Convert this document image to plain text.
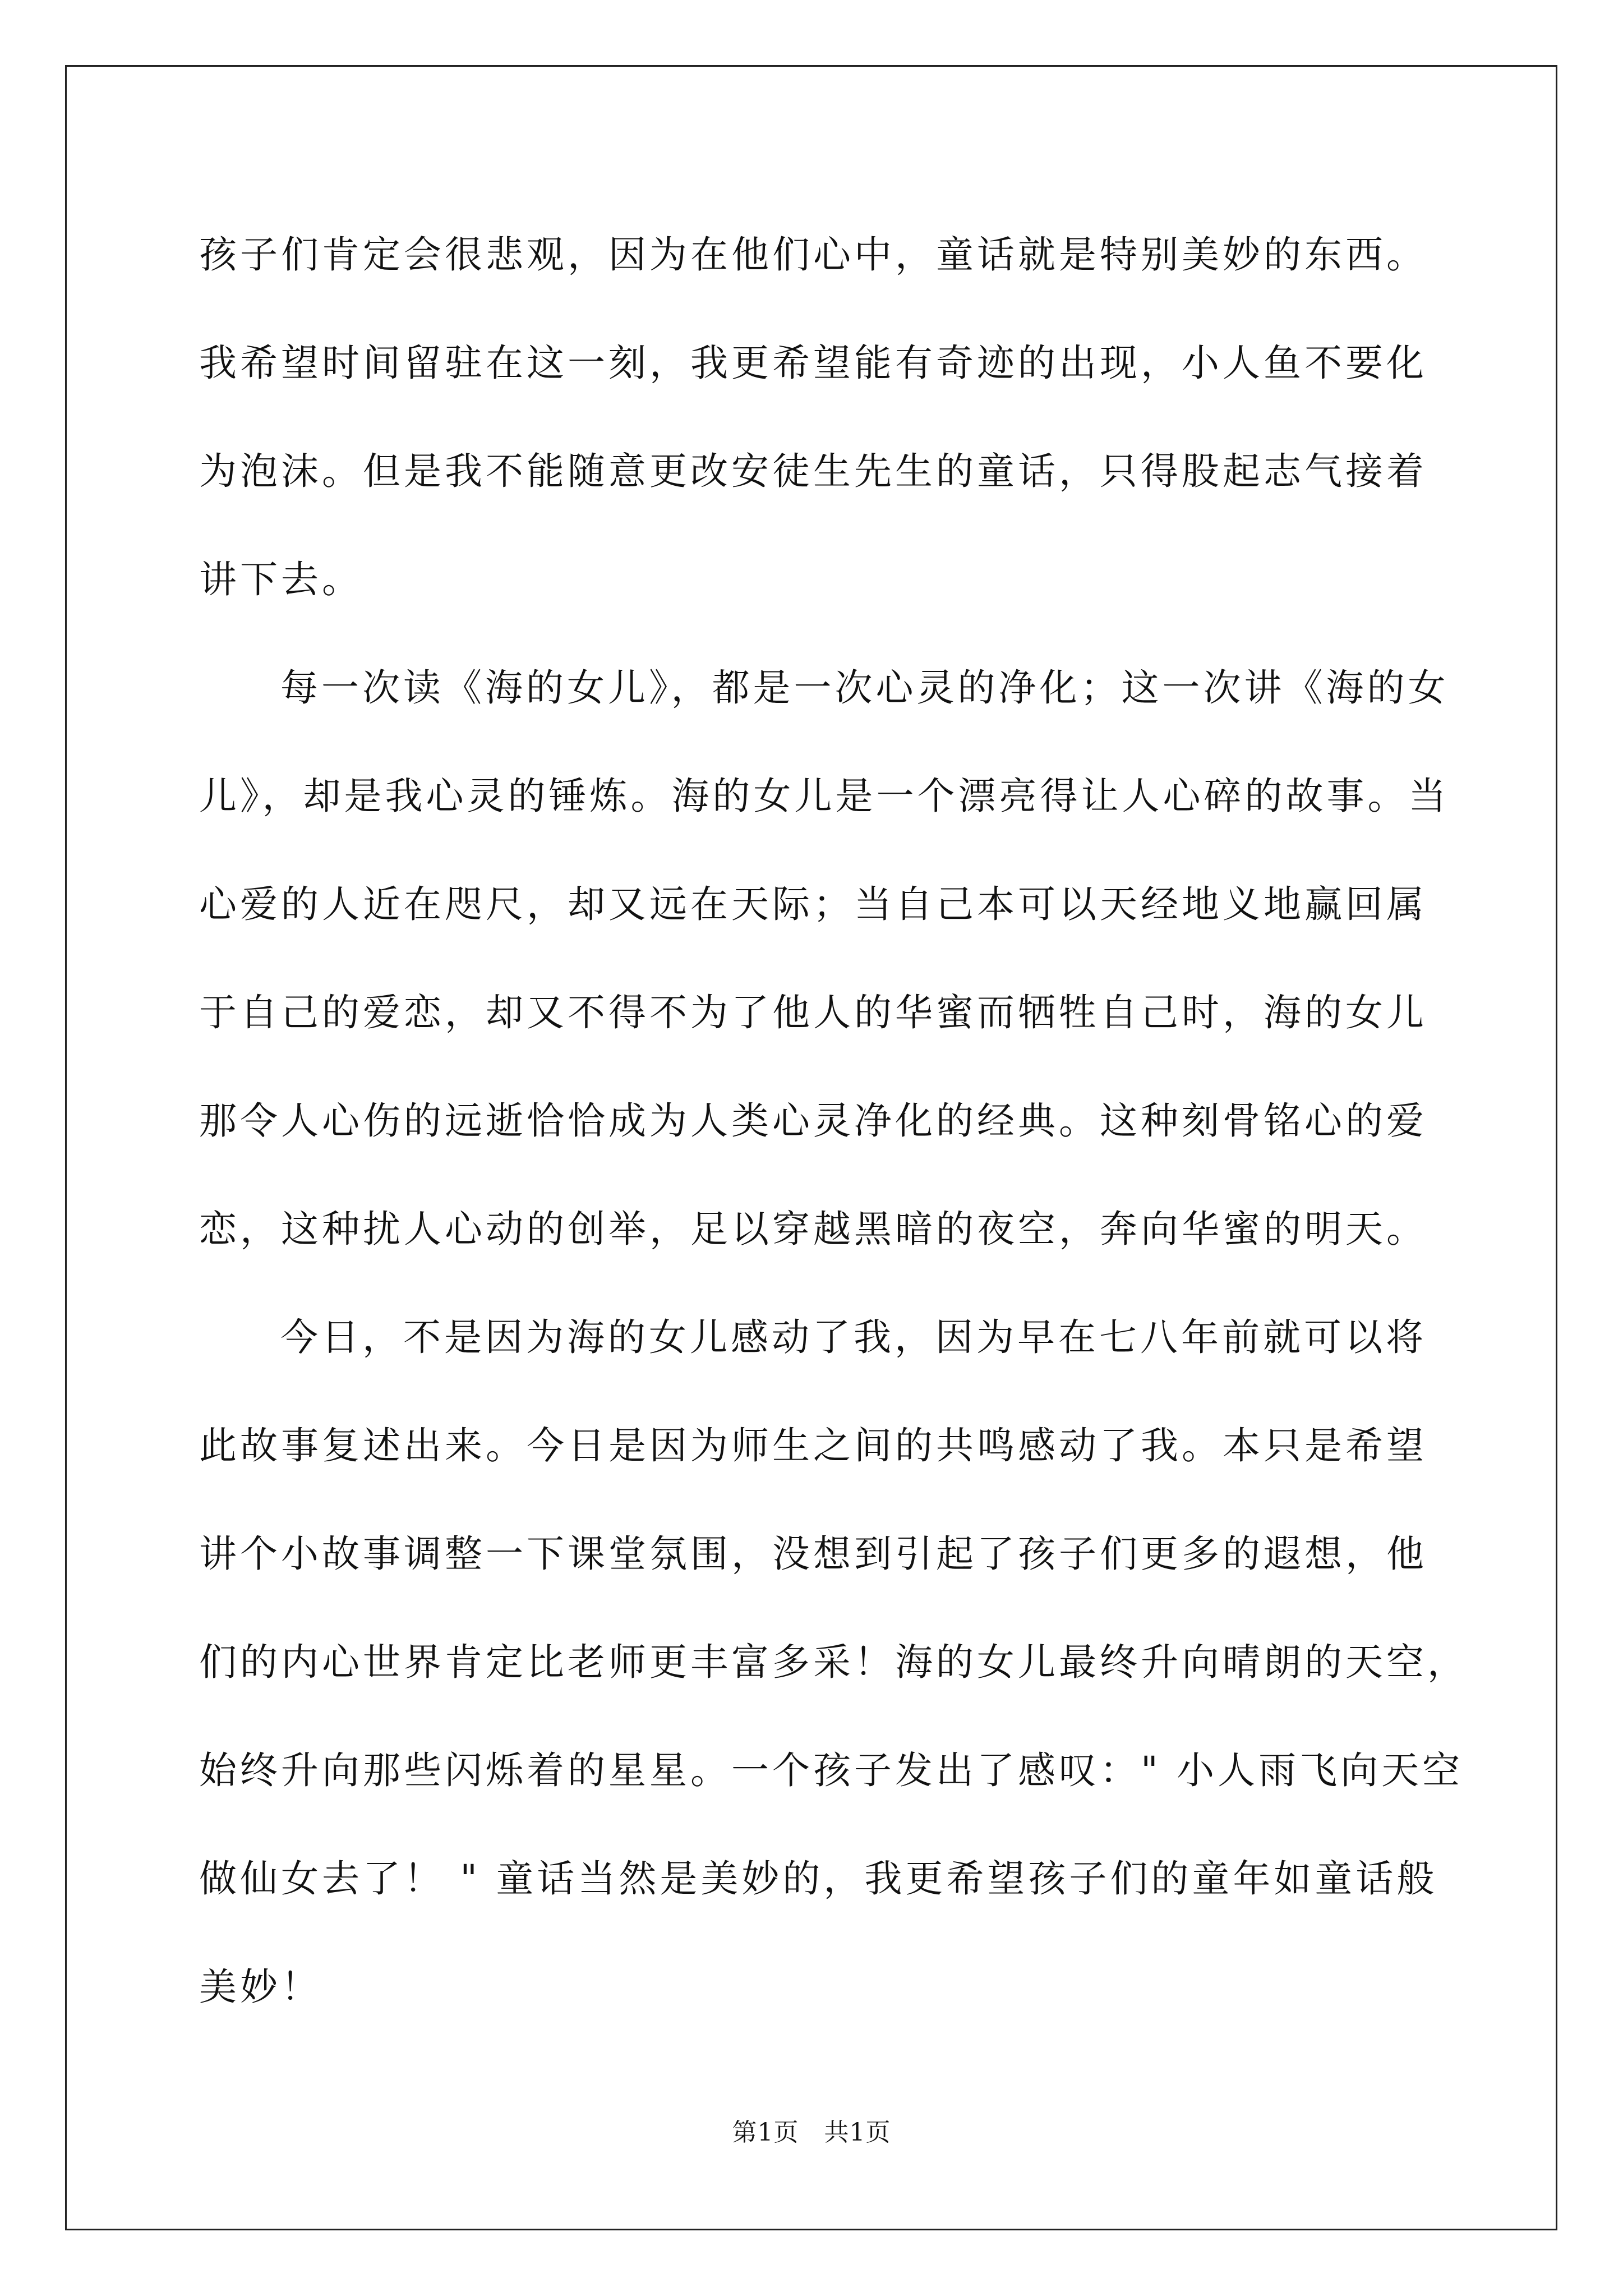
孩子们肯定会很悲观，因为在他们心中，童话就是特别美妙的东西。
我希望时间留驻在这一刻，我更希望能有奇迹的出现，小人鱼不要化
为泡沫。但是我不能随意更改安徒生先生的童话，只得股起志气接着
讲下去。
每一次读《海的女儿》，都是一次心灵的净化；这一次讲《海的女
儿》，却是我心灵的锤炼。海的女儿是一个漂亮得让人心碎的故事。当
心爱的人近在咫尺，却又远在天际；当自己本可以天经地义地赢回属
于自己的爱恋，却又不得不为了他人的华蜜而牺牲自己时，海的女儿
那令人心伤的远逝恰恰成为人类心灵净化的经典。这种刻骨铭心的爱
恋，这种扰人心动的创举，足以穿越黑暗的夜空，奔向华蜜的明天。
今日，不是因为海的女儿感动了我，因为早在七八年前就可以将
此故事复述出来。今日是因为师生之间的共鸣感动了我。本只是希望
讲个小故事调整一下课堂氛围，没想到引起了孩子们更多的遐想，他
们的内心世界肯定比老师更丰富多采！海的女儿最终升向晴朗的天空，
始终升向那些闪烁着的星星。一个孩子发出了感叹：" 小人雨飞向天空
做仙女去了！ " 童话当然是美妙的，我更希望孩子们的童年如童话般
美妙！
第1页　共1页
